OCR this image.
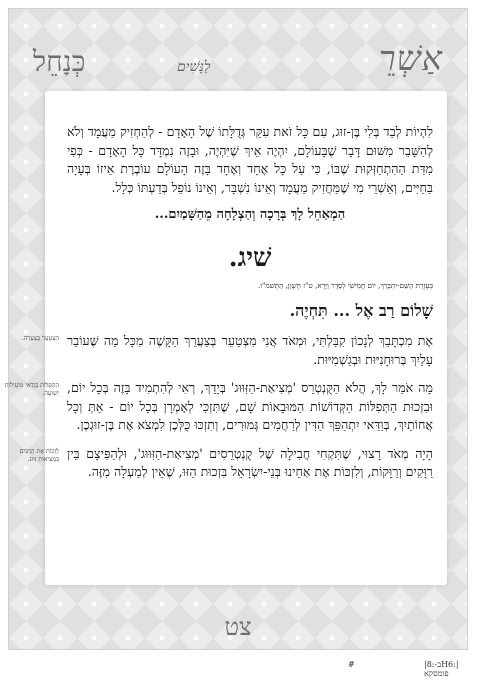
אַשְׁרֵ
לַנָּשִׁים
כְּנָחֵל

לִהְיוֹת לְבַד בְּלִי בֶּן-זוּג, עִם כָּל זֹאת עִקַּר גְּדֻלָּתוֹ שֶׁל הָאָדָם - לְהַחְזִיק מַעֲמָד וְלֹא לְהִשָּׁבֵר מִשּׁוּם דָּבָר שֶׁבָּעוֹלָם, יִהְיֶה אֵיךְ שֶׁיִּהְיֶה, וּבָזֶה נִמְדָּד כָּל הָאָדָם - כְּפִי מִדַּת הַהִתְחַזְּקוּת שֶׁבּוֹ, כִּי עַל כָּל אֶחָד וְאֶחָד בָּזֶה הָעוֹלָם עוֹבֶרֶת אֵיזוֹ בְּעָיָה בַּחַיִּים, וְאַשְׁרֵי מִי שֶׁמַּחֲזִיק מַעֲמָד וְאֵינוֹ נִשְׁבָּר, וְאֵינוֹ נוֹפֵל בְּדַעְתּוֹ כְּלָל.

הַמְאַחֵל לָךְ בְּרָכָה וְהַצְלָחָה מֵהַשָּׁמַיִם...

שׁיג.
בְּעֶזְרַת הַשֵּׁם-יִתְבָּרַךְ, יוֹם חֲמִישִׁי לְסֵדֶר וַיֵּרָא, ט"ז חֶשְׁוָן, הַתְּשׁמ"ו.
שָׁלוֹם רַב אֶל ... תִּחְיֶה.
הִצְטָעֵר בְּצַעֲרָהּ. אֶת מִכְתָּבֵךְ לְנָכוֹן קִבַּלְתִּי, וּמְאֹד אֲנִי מִצְטַעֵר בְּצַעֲרֵךְ הַקָּשֶׁה מִכָּל מַה שֶּׁעוֹבֵר עָלַיִךְ בְּרוּחָנִיּוּת וּבְגַשְׁמִיּוּת.

הַתְּפִלּוֹת בְּוַדַּאי מוֹעִילוֹת יְשׁוּעָה. מָה אֹמַר לָךְ, הֲלֹא הַקֻּנְטְרֵס 'מְצִיאַת-הַזִּוּוּג' בְּיָדֵךְ, רְאִי לְהִתְמִיד בָּזֶה בְּכָל יוֹם, וּבִזְכוּת הַתְּפִלּוֹת הַקְּדוֹשׁוֹת הַמּוּבָאוֹת שָׁם, שֶׁתִּזְכִּי לְאָמְרָן בְּכָל יוֹם - אַתְּ וְכָל אֲחוֹתַיִךְ, בְּוַדַּאי יִתְהַפֵּךְ הַדִּין לְרַחֲמִים גְּמוּרִים, וְתִזְכּוּ כֻּלְּכֶן לִמְצֹא אֶת בֶּן-זוּגְכֶן.

לְזַכּוֹת אֶת הָרַבִּים בִּמְצִיאוּת זִוּוּג. הָיָה מְאֹד רָצוּי, שֶׁתִּקְחִי חֲבִילָה שֶׁל קֻנְטְרֵסִים 'מְצִיאַת-הַזִּוּוּג', וּלְהַפִּיצָם בֵּין רַוָּקִים וְרַוָּקוֹת, וְלִזְכּוֹת אֶת אַחֵינוּ בְּנֵי-יִשְׂרָאֵל בִּזְכוּת הַזּוּ, שֶׁאֵין לְמַעְלָה מִזֶּה.

צט
#	|ב-:8H6:| פומסקא
